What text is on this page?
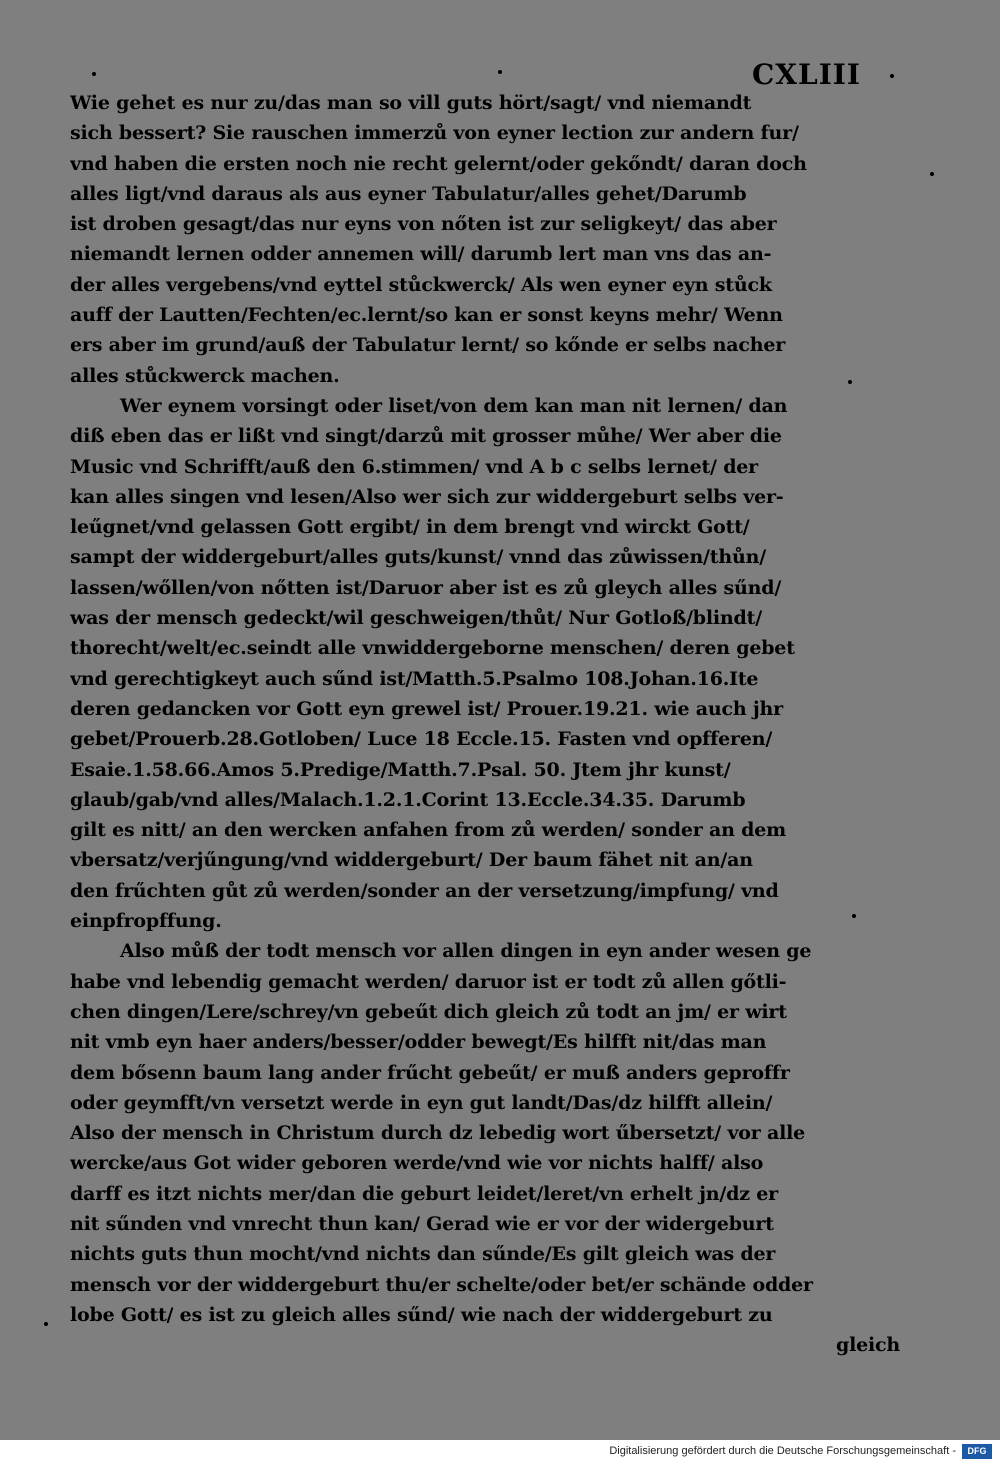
CXLIII
Wie gehet es nur zu/das man so vill guts hört/sagt/ vnd niemandt
sich bessert? Sie rauschen immerzů von eyner lection zur andern fur/
vnd haben die ersten noch nie recht gelernt/oder gekőndt/ daran doch
alles ligt/vnd daraus als aus eyner Tabulatur/alles gehet/Darumb
ist droben gesagt/das nur eyns von nőten ist zur seligkeyt/ das aber
niemandt lernen odder annemen will/ darumb lert man vns das an-
der alles vergebens/vnd eyttel stůckwerck/ Als wen eyner eyn stůck
auff der Lautten/Fechten/ec.lernt/so kan er sonst keyns mehr/ Wenn
ers aber im grund/auß der Tabulatur lernt/ so kőnde er selbs nacher
alles stůckwerck machen.
Wer eynem vorsingt oder liset/von dem kan man nit lernen/ dan
diß eben das er lißt vnd singt/darzů mit grosser můhe/ Wer aber die
Music vnd Schrifft/auß den 6.stimmen/ vnd A b c selbs lernet/ der
kan alles singen vnd lesen/Also wer sich zur widdergeburt selbs ver-
leűgnet/vnd gelassen Gott ergibt/ in dem brengt vnd wirckt Gott/
sampt der widdergeburt/alles guts/kunst/ vnnd das zůwissen/thůn/
lassen/wőllen/von nőtten ist/Daruor aber ist es zů gleych alles sűnd/
was der mensch gedeckt/wil geschweigen/thůt/ Nur Gotloß/blindt/
thorecht/welt/ec.seindt alle vnwiddergeborne menschen/ deren gebet
vnd gerechtigkeyt auch sűnd ist/Matth.5.Psalmo 108.Johan.16.Ite
deren gedancken vor Gott eyn grewel ist/ Prouer.19.21. wie auch jhr
gebet/Prouerb.28.Gotloben/ Luce 18 Eccle.15. Fasten vnd opfferen/
Esaie.1.58.66.Amos 5.Predige/Matth.7.Psal. 50. Jtem jhr kunst/
glaub/gab/vnd alles/Malach.1.2.1.Corint 13.Eccle.34.35. Darumb
gilt es nitt/ an den wercken anfahen from zů werden/ sonder an dem
vbersatz/verjűngung/vnd widdergeburt/ Der baum fähet nit an/an
den frűchten gůt zů werden/sonder an der versetzung/impfung/ vnd
einpfropffung.
Also můß der todt mensch vor allen dingen in eyn ander wesen ge
habe vnd lebendig gemacht werden/ daruor ist er todt zů allen gőtli-
chen dingen/Lere/schrey/vn gebeűt dich gleich zů todt an jm/ er wirt
nit vmb eyn haer anders/besser/odder bewegt/Es hilfft nit/das man
dem bősenn baum lang ander frűcht gebeűt/ er muß anders geproffr
oder geymfft/vn versetzt werde in eyn gut landt/Das/dz hilfft allein/
Also der mensch in Christum durch dz lebedig wort űbersetzt/ vor alle
wercke/aus Got wider geboren werde/vnd wie vor nichts halff/ also
darff es itzt nichts mer/dan die geburt leidet/leret/vn erhelt jn/dz er
nit sűnden vnd vnrecht thun kan/ Gerad wie er vor der widergeburt
nichts guts thun mocht/vnd nichts dan sűnde/Es gilt gleich was der
mensch vor der widdergeburt thu/er schelte/oder bet/er schände odder
lobe Gott/ es ist zu gleich alles sűnd/ wie nach der widdergeburt zu
gleich
Digitalisierung gefördert durch die Deutsche Forschungsgemeinschaft -	DFG
